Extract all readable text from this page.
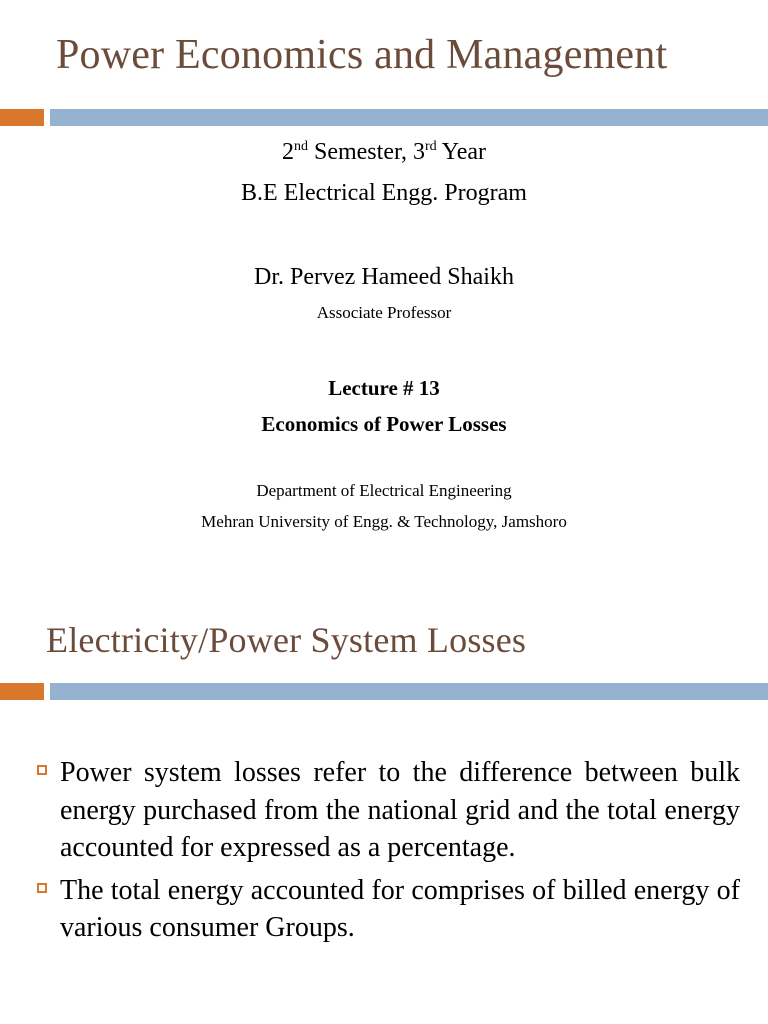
Power Economics and Management
2nd Semester, 3rd Year
B.E Electrical Engg. Program
Dr. Pervez Hameed Shaikh
Associate Professor
Lecture # 13
Economics of Power Losses
Department of Electrical Engineering
Mehran University of Engg. & Technology, Jamshoro
Electricity/Power System Losses
Power system losses refer to the difference between bulk energy purchased from the national grid and the total energy accounted for expressed as a percentage.
The total energy accounted for comprises of billed energy of various consumer Groups.
